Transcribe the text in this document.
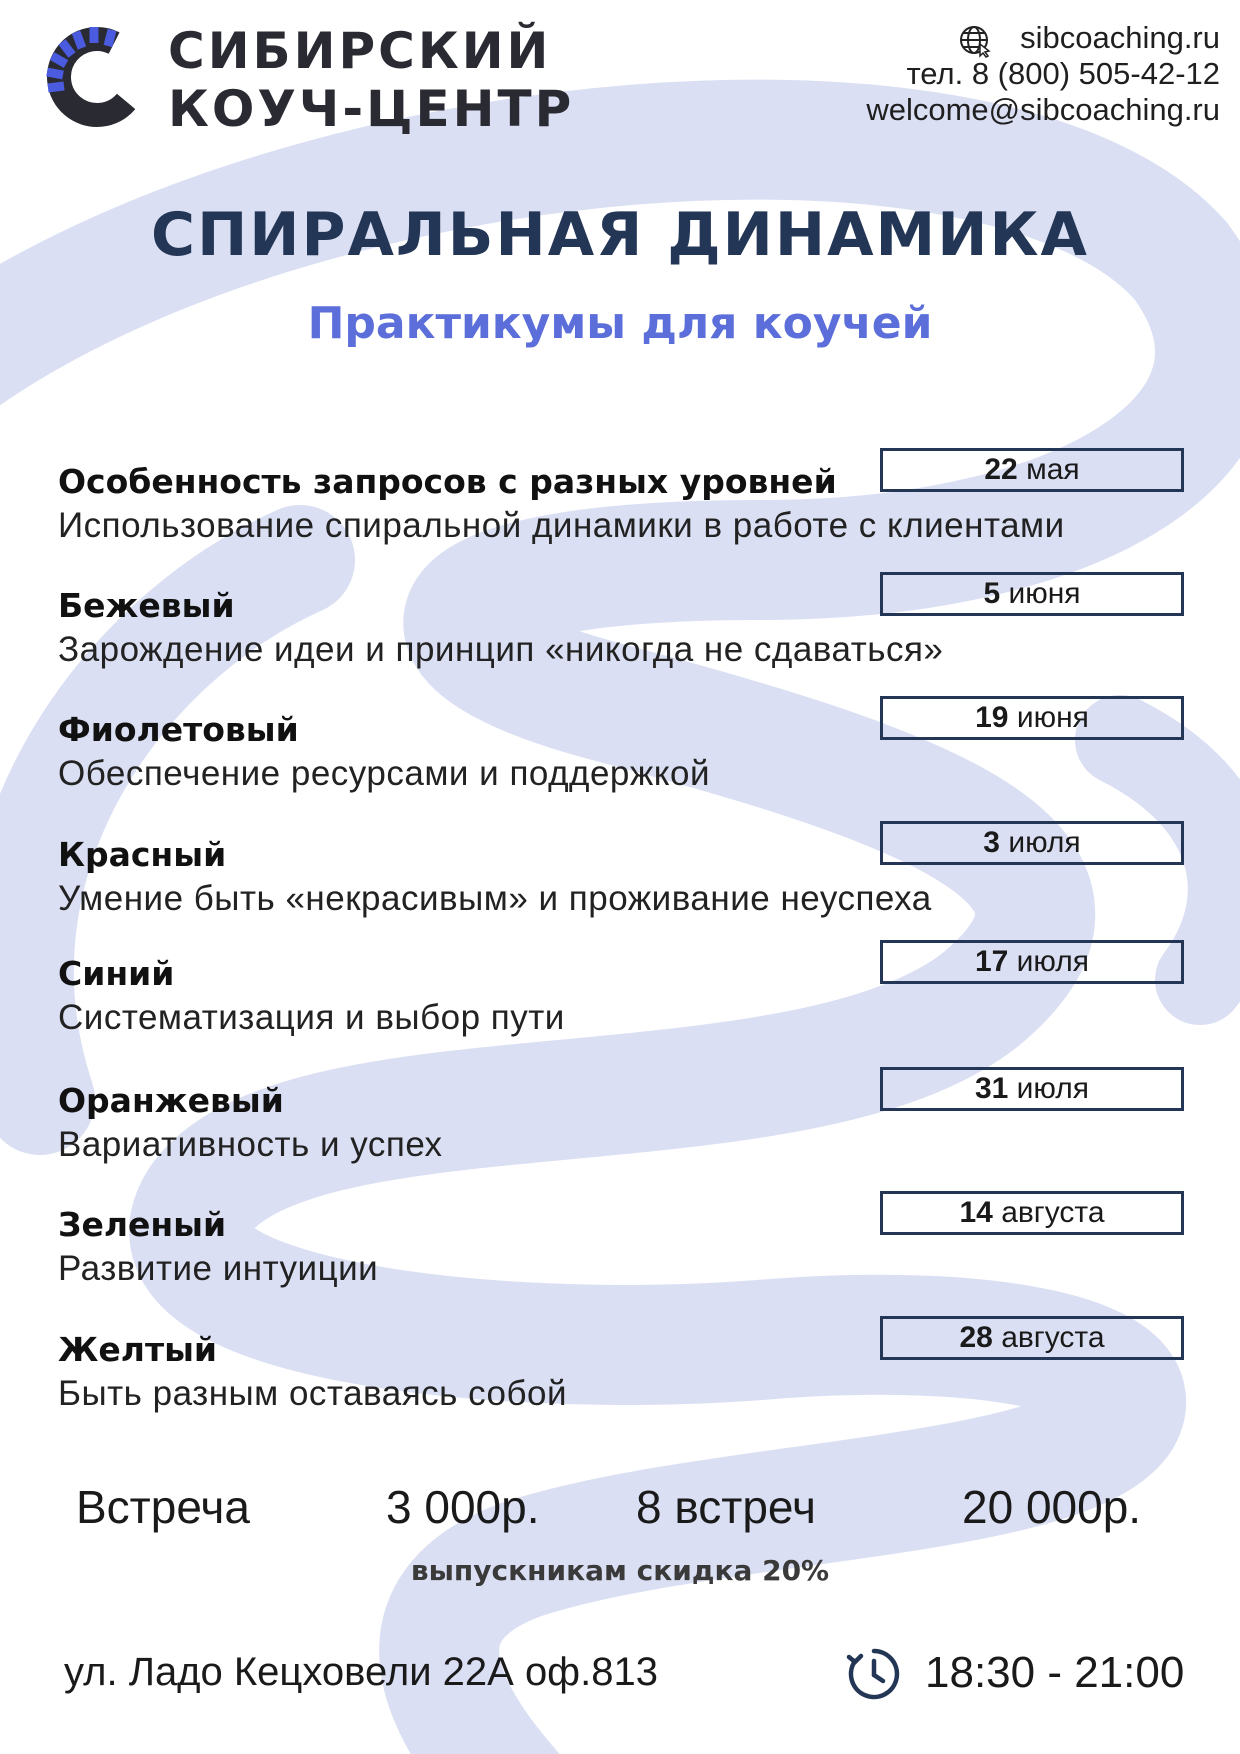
СИБИРСКИЙ
КОУЧ-ЦЕНТР
sibcoaching.ru
тел. 8 (800) 505-42-12
welcome@sibcoaching.ru
СПИРАЛЬНАЯ ДИНАМИКА
Практикумы для коучей
Особенность запросов с разных уровней
Использование спиральной динамики в работе с клиентами
22 мая
Бежевый
Зарождение идеи и принцип «никогда не сдаваться»
5 июня
Фиолетовый
Обеспечение ресурсами и поддержкой
19 июня
Красный
Умение быть «некрасивым» и проживание неуспеха
3 июля
Синий
Систематизация и выбор пути
17 июля
Оранжевый
Вариативность и успех
31 июля
Зеленый
Развитие интуиции
14 августа
Желтый
Быть разным оставаясь собой
28 августа
Встреча	3 000р. 8 встреч	20 000р.
выпускникам скидка 20%
ул. Ладо Кецховели 22А оф.813	18:30 - 21:00
